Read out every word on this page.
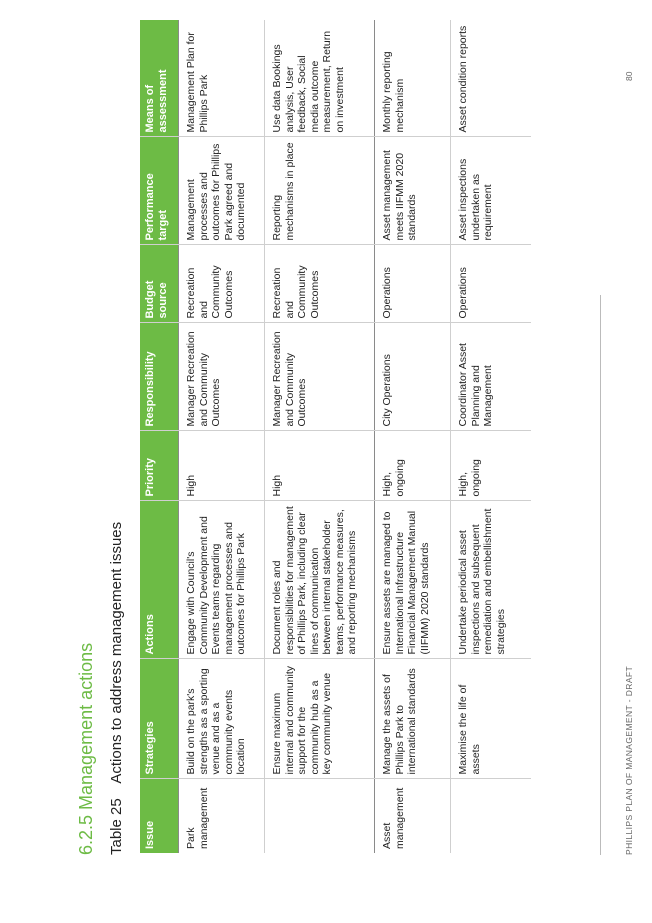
6.2.5 Management actions Table 25 Actions to address management issues
Issue	Strategies	Actions	Priority	Responsibility	Budget source	Performance target	Means of assessment
Park management	Build on the park's strengths as a sporting venue and as a community events location	Engage with Council's Community Development and Events teams regarding management processes and outcomes for Phillips Park	High	Manager Recreation and Community Outcomes	Recreation and Community Outcomes	Management processes and outcomes for Phillips Park agreed and documented	Management Plan for Phillips Park
	Ensure maximum internal and community support for the community hub as a key community venue	Document roles and responsibilities for management of Phillips Park, including clear lines of communication between internal stakeholder teams, performance measures, and reporting mechanisms	High	Manager Recreation and Community Outcomes	Recreation and Community Outcomes	Reporting mechanisms in place	Use data Bookings analysis, User feedback, Social media outcome measurement, Return on investment
Asset management	Manage the assets of Phillips Park to international standards	Ensure assets are managed to International Infrastructure Financial Management Manual (IIFMM) 2020 standards	High, ongoing	City Operations	Operations	Asset management meets IIFMM 2020 standards	Monthly reporting mechanism
	Maximise the life of assets	Undertake periodical asset inspections and subsequent remediation and embellishment strategies	High, ongoing	Coordinator Asset Planning and Management	Operations	Asset inspections undertaken as requirement	Asset condition reports
PHILLIPS PLAN OF MANAGEMENT - DRAFT
80
